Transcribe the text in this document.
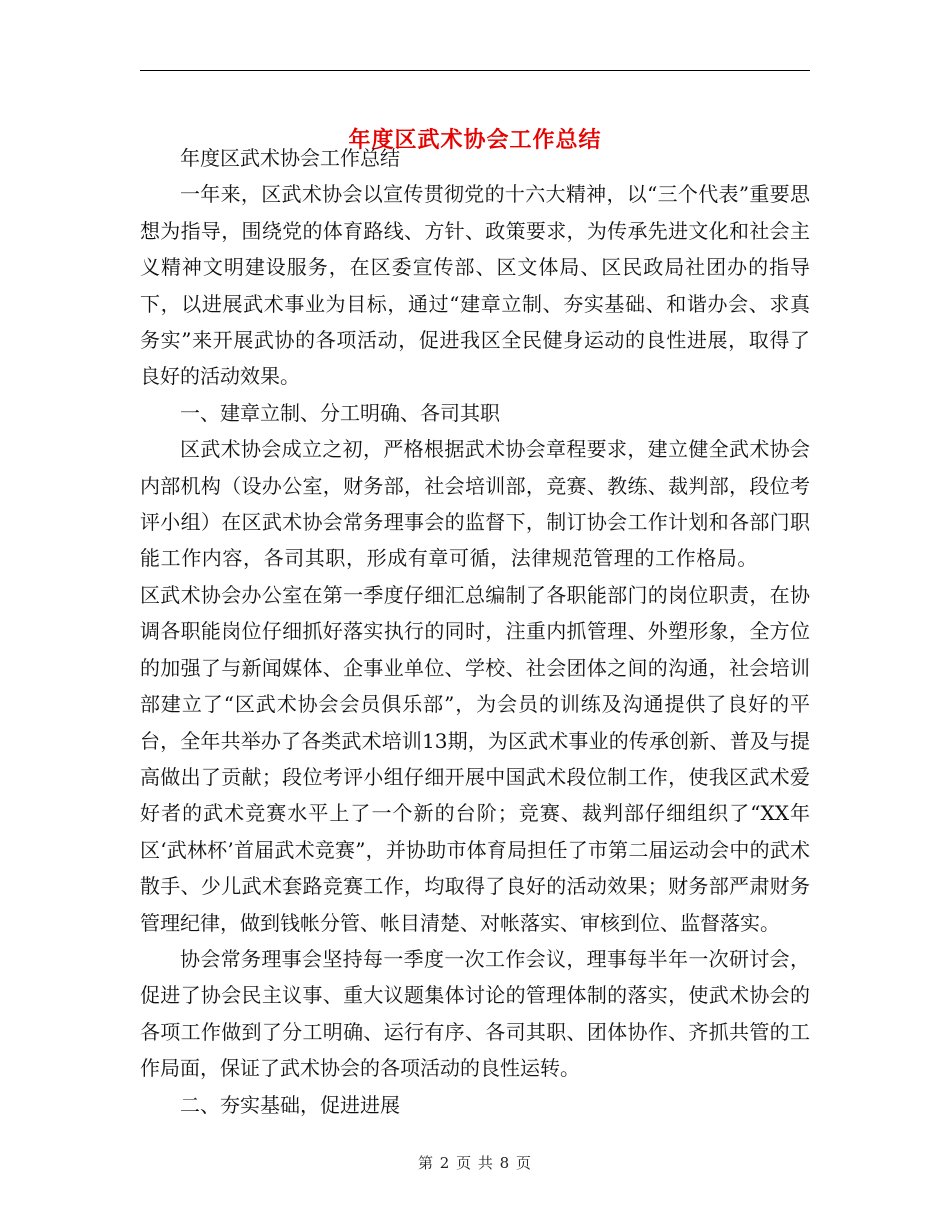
年度区武术协会工作总结

年度区武术协会工作总结

一年来，区武术协会以宣传贯彻党的十六大精神，以“三个代表”重要思想为指导，围绕党的体育路线、方针、政策要求，为传承先进文化和社会主义精神文明建设服务，在区委宣传部、区文体局、区民政局社团办的指导下，以进展武术事业为目标，通过“建章立制、夯实基础、和谐办会、求真务实”来开展武协的各项活动，促进我区全民健身运动的良性进展，取得了良好的活动效果。

一、建章立制、分工明确、各司其职

区武术协会成立之初，严格根据武术协会章程要求，建立健全武术协会内部机构（设办公室，财务部，社会培训部，竞赛、教练、裁判部，段位考评小组）在区武术协会常务理事会的监督下，制订协会工作计划和各部门职能工作内容，各司其职，形成有章可循，法律规范管理的工作格局。区武术协会办公室在第一季度仔细汇总编制了各职能部门的岗位职责，在协调各职能岗位仔细抓好落实执行的同时，注重内抓管理、外塑形象，全方位的加强了与新闻媒体、企事业单位、学校、社会团体之间的沟通，社会培训部建立了“区武术协会会员俱乐部”，为会员的训练及沟通提供了良好的平台，全年共举办了各类武术培训13期，为区武术事业的传承创新、普及与提高做出了贡献；段位考评小组仔细开展中国武术段位制工作，使我区武术爱好者的武术竞赛水平上了一个新的台阶；竞赛、裁判部仔细组织了“XX年区‘武林杯’首届武术竞赛”，并协助市体育局担任了市第二届运动会中的武术散手、少儿武术套路竞赛工作，均取得了良好的活动效果；财务部严肃财务管理纪律，做到钱帐分管、帐目清楚、对帐落实、审核到位、监督落实。

协会常务理事会坚持每一季度一次工作会议，理事每半年一次研讨会，促进了协会民主议事、重大议题集体讨论的管理体制的落实，使武术协会的各项工作做到了分工明确、运行有序、各司其职、团体协作、齐抓共管的工作局面，保证了武术协会的各项活动的良性运转。

二、夯实基础，促进进展

第 2 页 共 8 页
